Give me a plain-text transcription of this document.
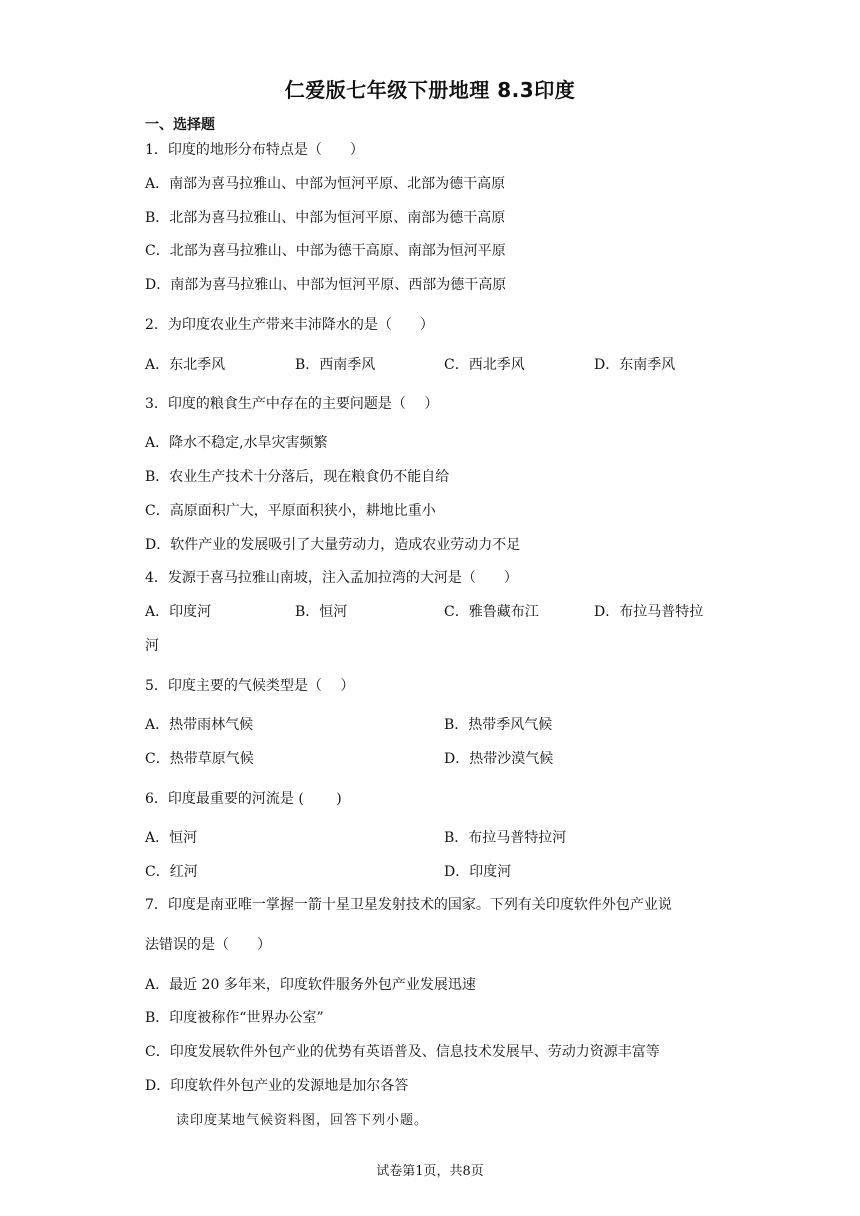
仁爱版七年级下册地理 8.3印度
一、选择题
1．印度的地形分布特点是（　　）
A．南部为喜马拉雅山、中部为恒河平原、北部为德干高原
B．北部为喜马拉雅山、中部为恒河平原、南部为德干高原
C．北部为喜马拉雅山、中部为德干高原、南部为恒河平原
D．南部为喜马拉雅山、中部为恒河平原、西部为德干高原
2．为印度农业生产带来丰沛降水的是（　　）
A．东北季风	B．西南季风	C．西北季风	D．东南季风
3．印度的粮食生产中存在的主要问题是（　 ）
A．降水不稳定,水旱灾害频繁
B．农业生产技术十分落后，现在粮食仍不能自给
C．高原面积广大，平原面积狭小，耕地比重小
D．软件产业的发展吸引了大量劳动力，造成农业劳动力不足
4．发源于喜马拉雅山南坡，注入孟加拉湾的大河是（　　）
A．印度河	B．恒河	C．雅鲁藏布江	D．布拉马普特拉
河
5．印度主要的气候类型是（　 ）
A．热带雨林气候	B．热带季风气候
C．热带草原气候	D．热带沙漠气候
6．印度最重要的河流是 (　　 )
A．恒河	B．布拉马普特拉河
C．红河	D．印度河
7．印度是南亚唯一掌握一箭十星卫星发射技术的国家。下列有关印度软件外包产业说
法错误的是（　　）
A．最近 20 多年来，印度软件服务外包产业发展迅速
B．印度被称作“世界办公室”
C．印度发展软件外包产业的优势有英语普及、信息技术发展早、劳动力资源丰富等
D．印度软件外包产业的发源地是加尔各答
读印度某地气候资料图，回答下列小题。
试卷第1页，共8页
